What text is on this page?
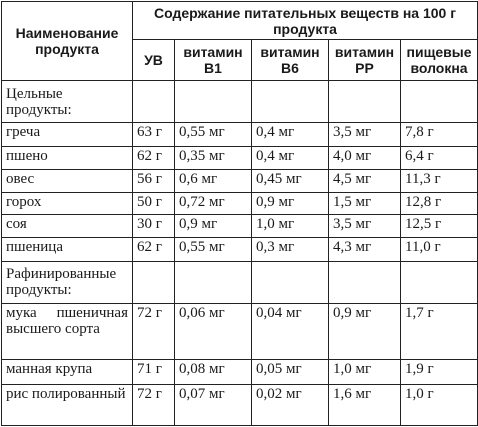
Наименование продукта	Содержание питательных веществ на 100 г продукта				
	УВ	витамин В1	витамин В6	витамин РР	пищевые волокна
Цельные продукты:					
греча	63 г	0,55 мг	0,4 мг	3,5 мг	7,8 г
пшено	62 г	0,35 мг	0,4 мг	4,0 мг	6,4 г
овес	56 г	0,6 мг	0,45 мг	4,5 мг	11,3 г
горох	50 г	0,72 мг	0,9 мг	1,5 мг	12,8 г
соя	30 г	0,9 мг	1,0 мг	3,5 мг	12,5 г
пшеница	62 г	0,55 мг	0,3 мг	4,3 мг	11,0 г
Рафинированные продукты:					
мука пшеничная высшего сорта	72 г	0,06 мг	0,04 мг	0,9 мг	1,7 г
манная крупа	71 г	0,08 мг	0,05 мг	1,0 мг	1,9 г
рис полированный	72 г	0,07 мг	0,02 мг	1,6 мг	1,0 г
